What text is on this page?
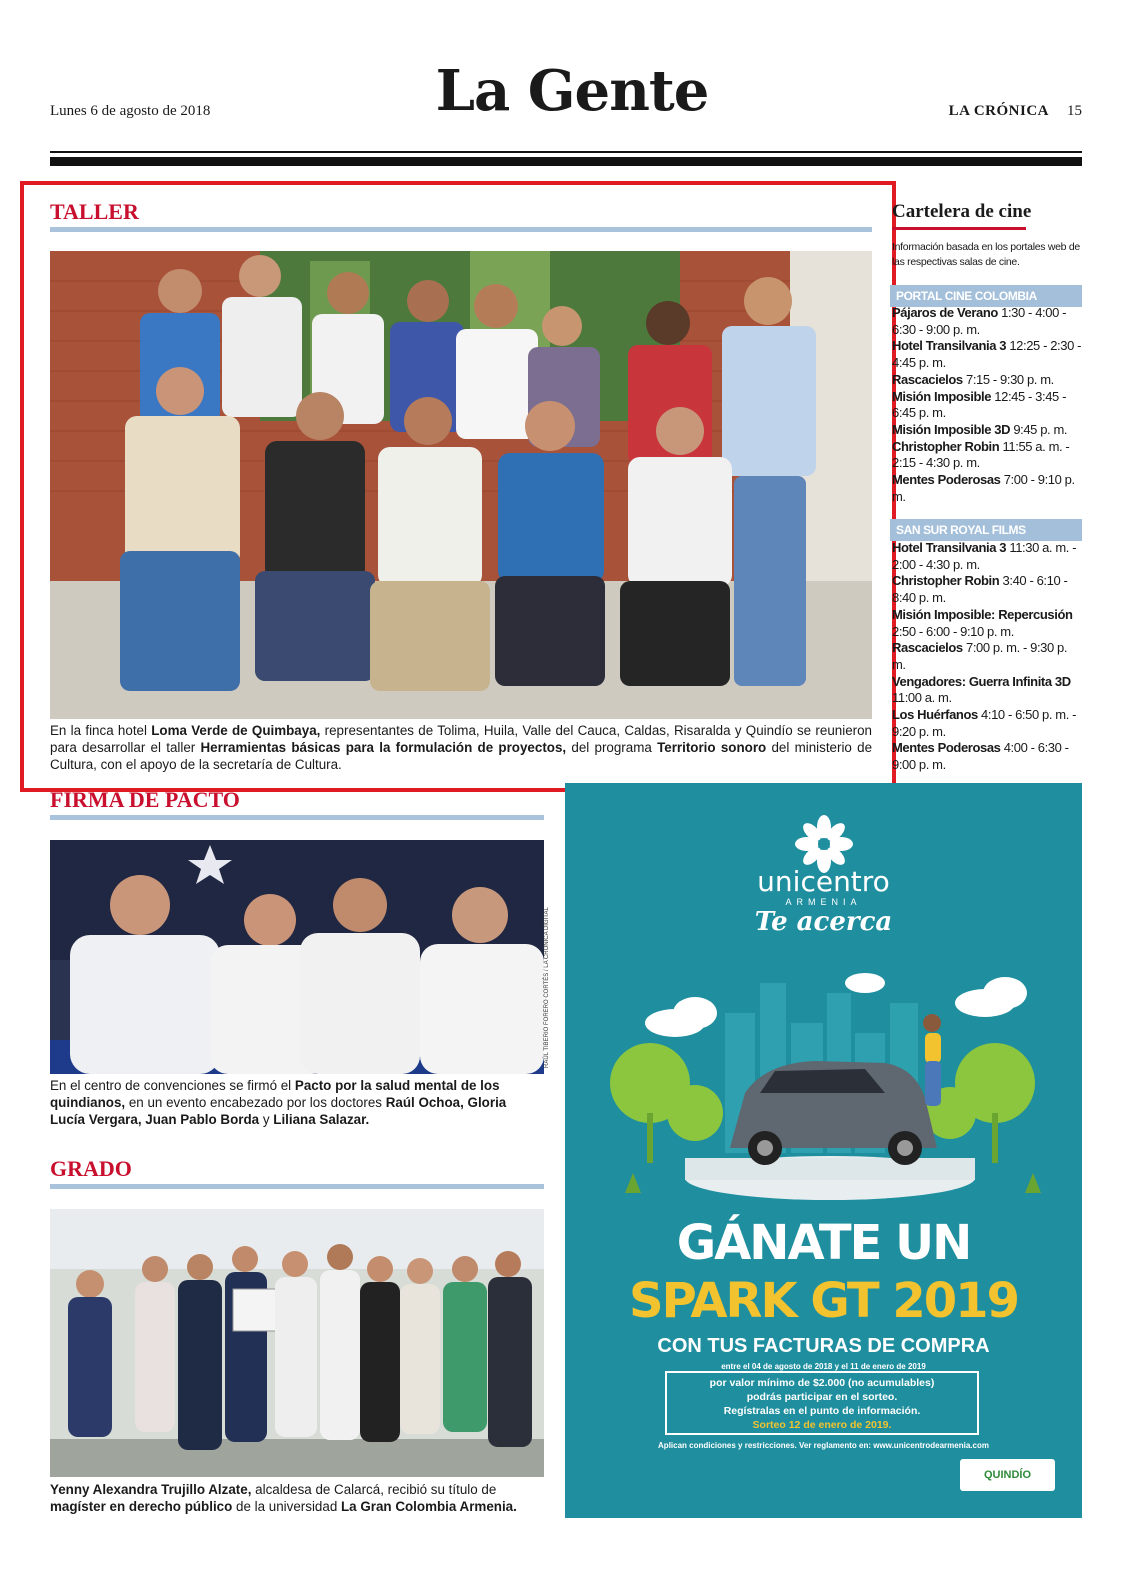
Lunes 6 de agosto de 2018	La Gente	LA CRÓNICA 15
TALLER
En la finca hotel Loma Verde de Quimbaya, representantes de Tolima, Huila, Valle del Cauca, Caldas, Risaralda y Quindío se reunieron para desarrollar el taller Herramientas básicas para la formulación de proyectos, del programa Territorio sonoro del ministerio de Cultura, con el apoyo de la secretaría de Cultura.
Cartelera de cine
Información basada en los portales web de las respectivas salas de cine.
PORTAL CINE COLOMBIA
Pájaros de Verano 1:30 - 4:00 - 6:30 - 9:00 p. m.
Hotel Transilvania 3 12:25 - 2:30 - 4:45 p. m.
Rascacielos 7:15 - 9:30 p. m.
Misión Imposible 12:45 - 3:45 - 6:45 p. m.
Misión Imposible 3D 9:45 p. m.
Christopher Robin 11:55 a. m. - 2:15 - 4:30 p. m.
Mentes Poderosas 7:00 - 9:10 p. m.
SAN SUR ROYAL FILMS
Hotel Transilvania 3 11:30 a. m. - 2:00 - 4:30 p. m.
Christopher Robin 3:40 - 6:10 - 8:40 p. m.
Misión Imposible: Repercusión 2:50 - 6:00 - 9:10 p. m.
Rascacielos 7:00 p. m. - 9:30 p. m.
Vengadores: Guerra Infinita 3D 11:00 a. m.
Los Huérfanos 4:10 - 6:50 p. m. - 9:20 p. m.
Mentes Poderosas 4:00 - 6:30 - 9:00 p. m.
FIRMA DE PACTO
RAÚL TIBERIO FORERO CORTÉS / LA CRÓNICA DIGITAL
En el centro de convenciones se firmó el Pacto por la salud mental de los quindianos, en un evento encabezado por los doctores Raúl Ochoa, Gloria Lucía Vergara, Juan Pablo Borda y Liliana Salazar.
GRADO
Yenny Alexandra Trujillo Alzate, alcaldesa de Calarcá, recibió su título de magíster en derecho público de la universidad La Gran Colombia Armenia.
unicentro
ARMENIA
Te acerca
GÁNATE UN
SPARK GT 2019
CON TUS FACTURAS DE COMPRA
entre el 04 de agosto de 2018 y el 11 de enero de 2019
por valor mínimo de $2.000 (no acumulables)
podrás participar en el sorteo.
Regístralas en el punto de información.
Sorteo 12 de enero de 2019.
Aplican condiciones y restricciones. Ver reglamento en: www.unicentrodearmenia.com
QUINDÍO
